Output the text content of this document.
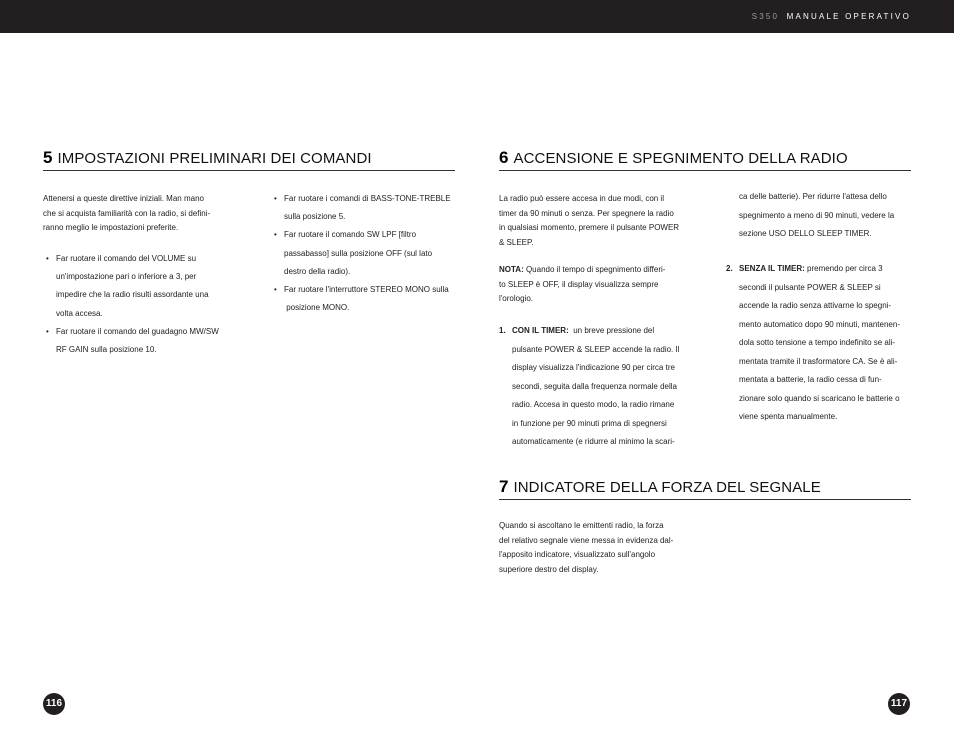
S350 MANUALE OPERATIVO
5 IMPOSTAZIONI PRELIMINARI DEI COMANDI
Attenersi a queste direttive iniziali. Man mano
che si acquista familiarità con la radio, si defini-
ranno meglio le impostazioni preferite.
• Far ruotare il comando del VOLUME su
un'impostazione pari o inferiore a 3, per
impedire che la radio risulti assordante una
volta accesa.
• Far ruotare il comando del guadagno MW/SW
RF GAIN sulla posizione 10.
• Far ruotare i comandi di BASS-TONE-TREBLE
sulla posizione 5.
• Far ruotare il comando SW LPF [filtro
passabasso] sulla posizione OFF (sul lato
destro della radio).
• Far ruotare l'interruttore STEREO MONO sulla
posizione MONO.
6 ACCENSIONE E SPEGNIMENTO DELLA RADIO
La radio può essere accesa in due modi, con il
timer da 90 minuti o senza. Per spegnere la radio
in qualsiasi momento, premere il pulsante POWER
& SLEEP.
NOTA: Quando il tempo di spegnimento differi-
to SLEEP è OFF, il display visualizza sempre
l'orologio.
1. CON IL TIMER:  un breve pressione del
pulsante POWER & SLEEP accende la radio. Il
display visualizza l'indicazione 90 per circa tre
secondi, seguita dalla frequenza normale della
radio. Accesa in questo modo, la radio rimane
in funzione per 90 minuti prima di spegnersi
automaticamente (e ridurre al minimo la scari-
ca delle batterie). Per ridurre l'attesa dello
spegnimento a meno di 90 minuti, vedere la
sezione USO DELLO SLEEP TIMER.
2. SENZA IL TIMER: premendo per circa 3
secondi il pulsante POWER & SLEEP si
accende la radio senza attivarne lo spegni-
mento automatico dopo 90 minuti, mantenen-
dola sotto tensione a tempo indefinito se ali-
mentata tramite il trasformatore CA. Se è ali-
mentata a batterie, la radio cessa di fun-
zionare solo quando si scaricano le batterie o
viene spenta manualmente.
7 INDICATORE DELLA FORZA DEL SEGNALE
Quando si ascoltano le emittenti radio, la forza
del relativo segnale viene messa in evidenza dal-
l'apposito indicatore, visualizzato sull'angolo
superiore destro del display.
116	117
